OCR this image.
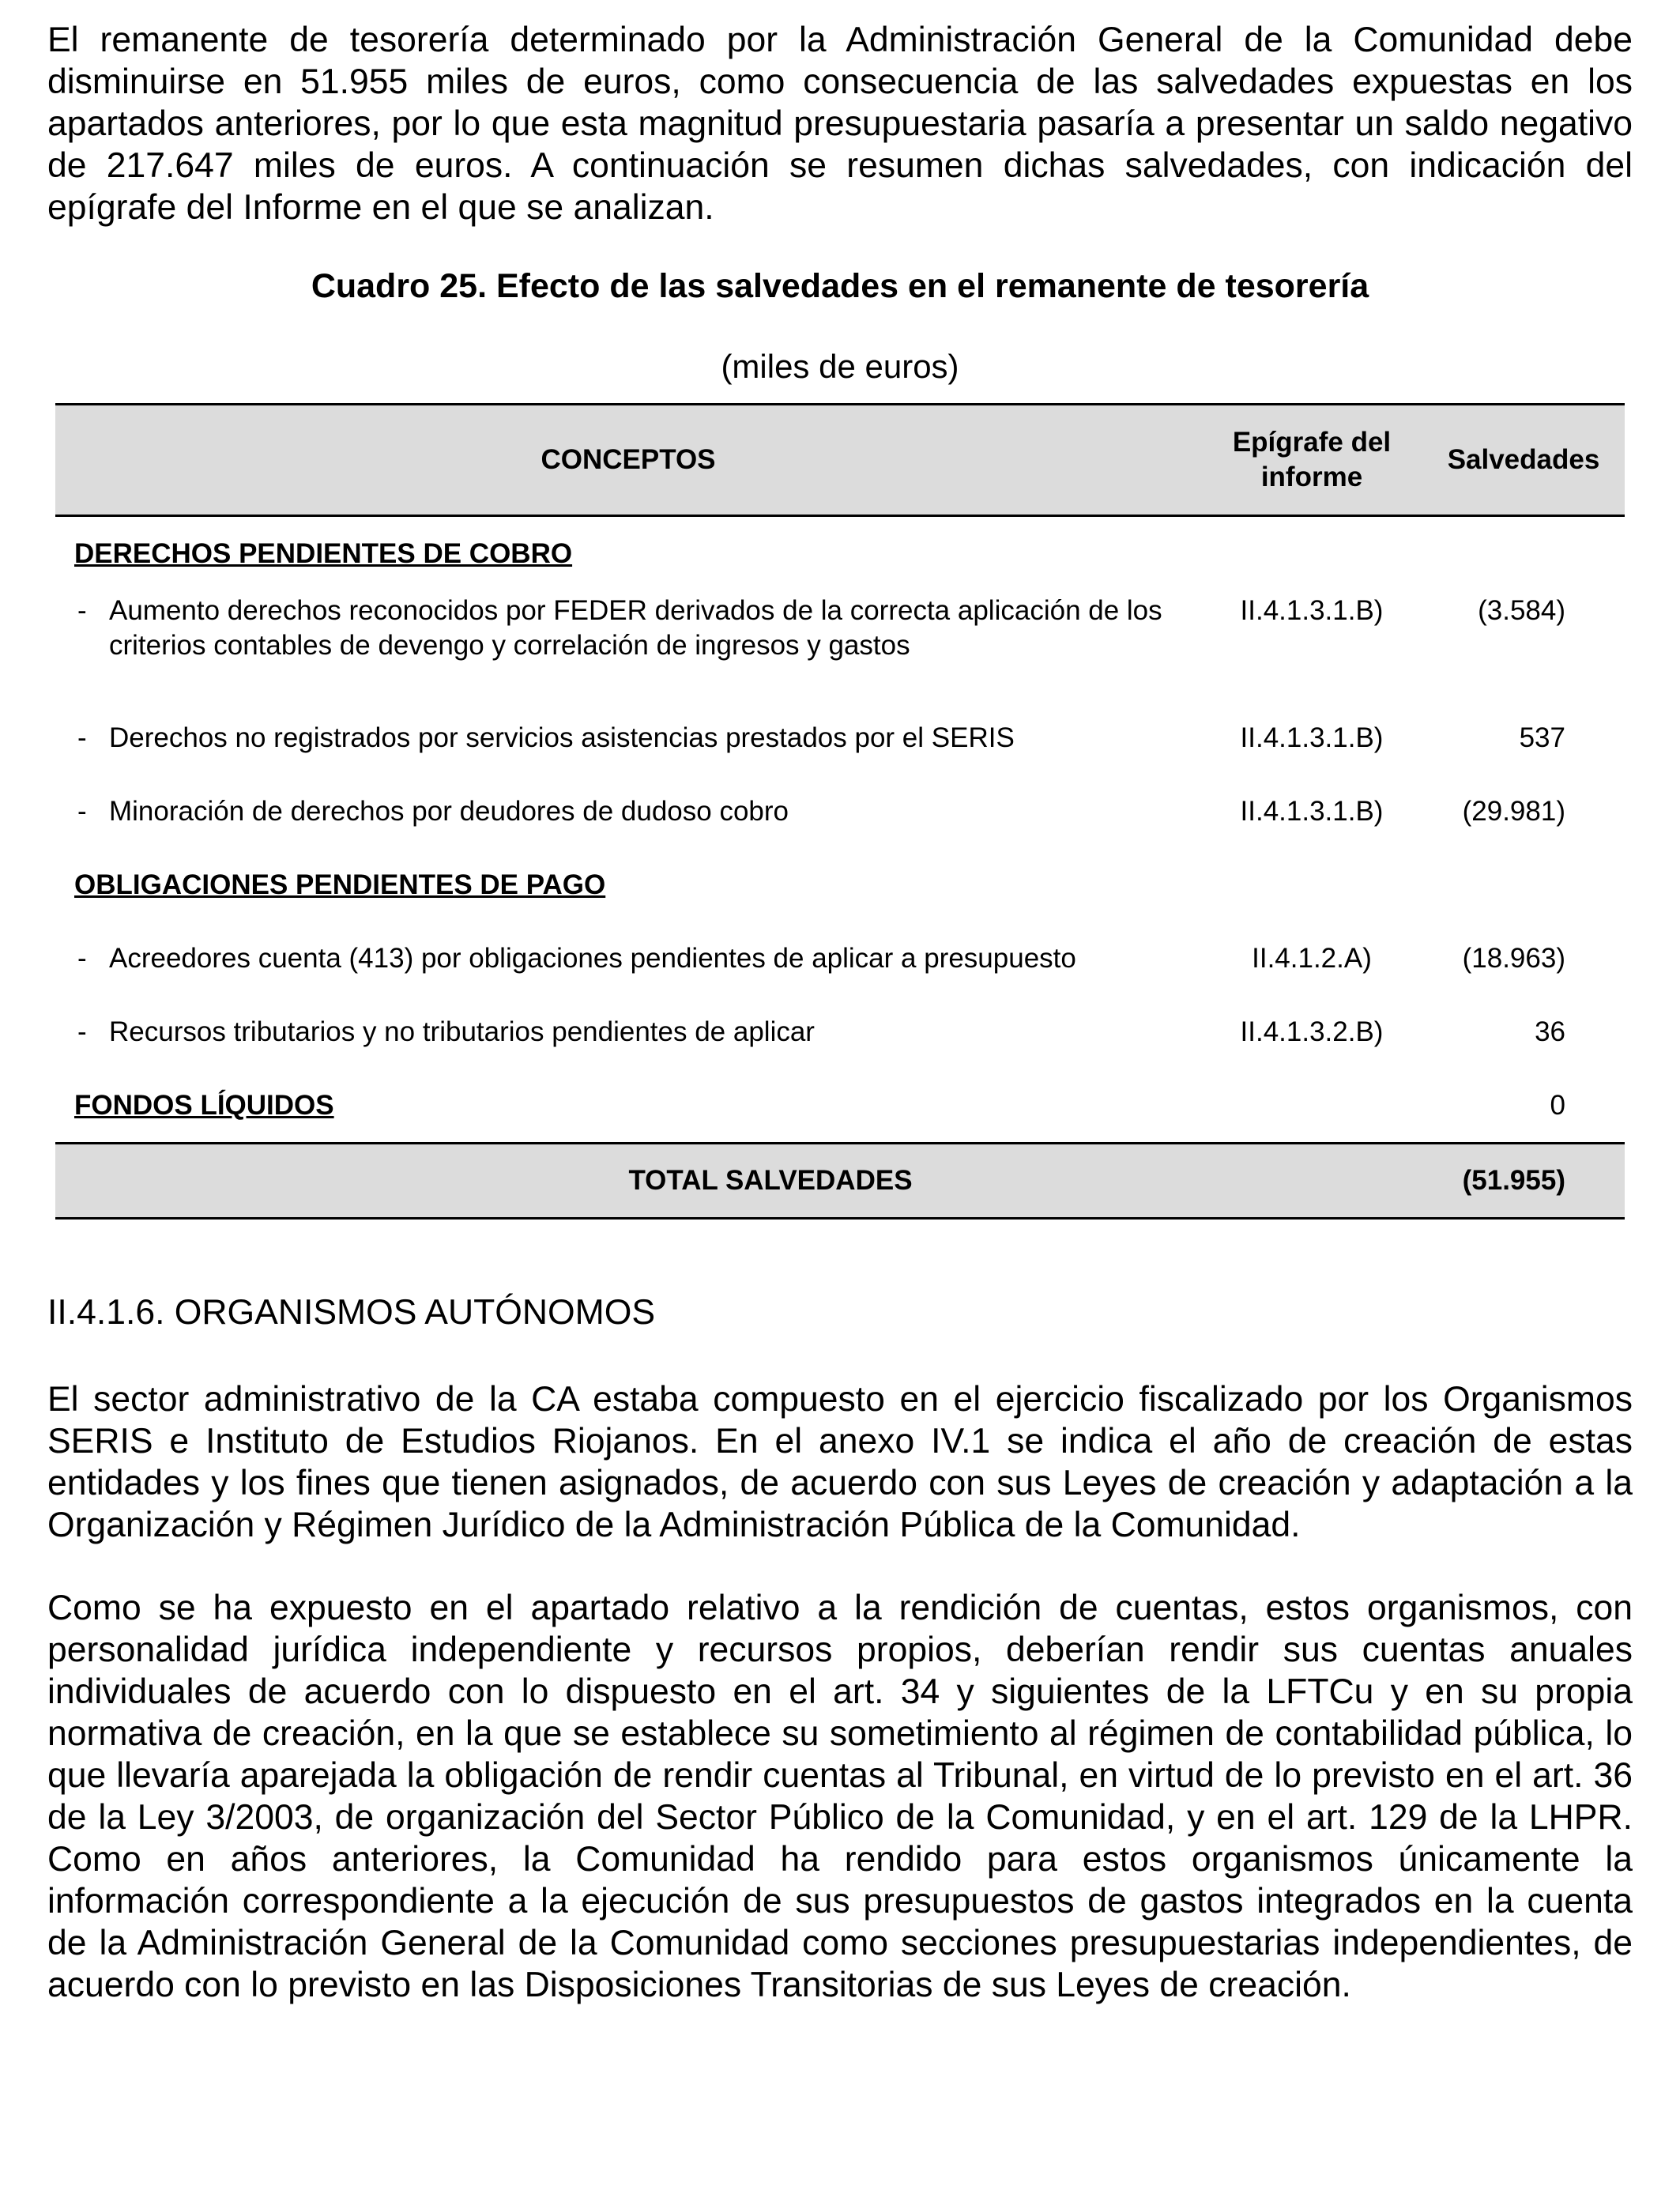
El remanente de tesorería determinado por la Administración General de la Comunidad debe disminuirse en 51.955 miles de euros, como consecuencia de las salvedades expuestas en los apartados anteriores, por lo que esta magnitud presupuestaria pasaría a presentar un saldo negativo de 217.647 miles de euros. A continuación se resumen dichas salvedades, con indicación del epígrafe del Informe en el que se analizan.

Cuadro 25. Efecto de las salvedades en el remanente de tesorería

(miles de euros)

CONCEPTOS	Epígrafe del informe	Salvedades
DERECHOS PENDIENTES DE COBRO		

- Aumento derechos reconocidos por FEDER derivados de la correcta aplicación de los criterios contables de devengo y correlación de ingresos y gastos	II.4.1.3.1.B)	(3.584)

- Derechos no registrados por servicios asistencias prestados por el SERIS	II.4.1.3.1.B)	537

- Minoración de derechos por deudores de dudoso cobro	II.4.1.3.1.B)	(29.981)
OBLIGACIONES PENDIENTES DE PAGO		

- Acreedores cuenta (413) por obligaciones pendientes de aplicar a presupuesto	II.4.1.2.A)	(18.963)

- Recursos tributarios y no tributarios pendientes de aplicar	II.4.1.3.2.B)	36
FONDOS LÍQUIDOS		0
TOTAL SALVEDADES		(51.955)

II.4.1.6. ORGANISMOS AUTÓNOMOS

El sector administrativo de la CA estaba compuesto en el ejercicio fiscalizado por los Organismos SERIS e Instituto de Estudios Riojanos. En el anexo IV.1 se indica el año de creación de estas entidades y los fines que tienen asignados, de acuerdo con sus Leyes de creación y adaptación a la Organización y Régimen Jurídico de la Administración Pública de la Comunidad.

Como se ha expuesto en el apartado relativo a la rendición de cuentas, estos organismos, con personalidad jurídica independiente y recursos propios, deberían rendir sus cuentas anuales individuales de acuerdo con lo dispuesto en el art. 34 y siguientes de la LFTCu y en su propia normativa de creación, en la que se establece su sometimiento al régimen de contabilidad pública, lo que llevaría aparejada la obligación de rendir cuentas al Tribunal, en virtud de lo previsto en el art. 36 de la Ley 3/2003, de organización del Sector Público de la Comunidad, y en el art. 129 de la LHPR. Como en años anteriores, la Comunidad ha rendido para estos organismos únicamente la información correspondiente a la ejecución de sus presupuestos de gastos integrados en la cuenta de la Administración General de la Comunidad como secciones presupuestarias independientes, de acuerdo con lo previsto en las Disposiciones Transitorias de sus Leyes de creación.
